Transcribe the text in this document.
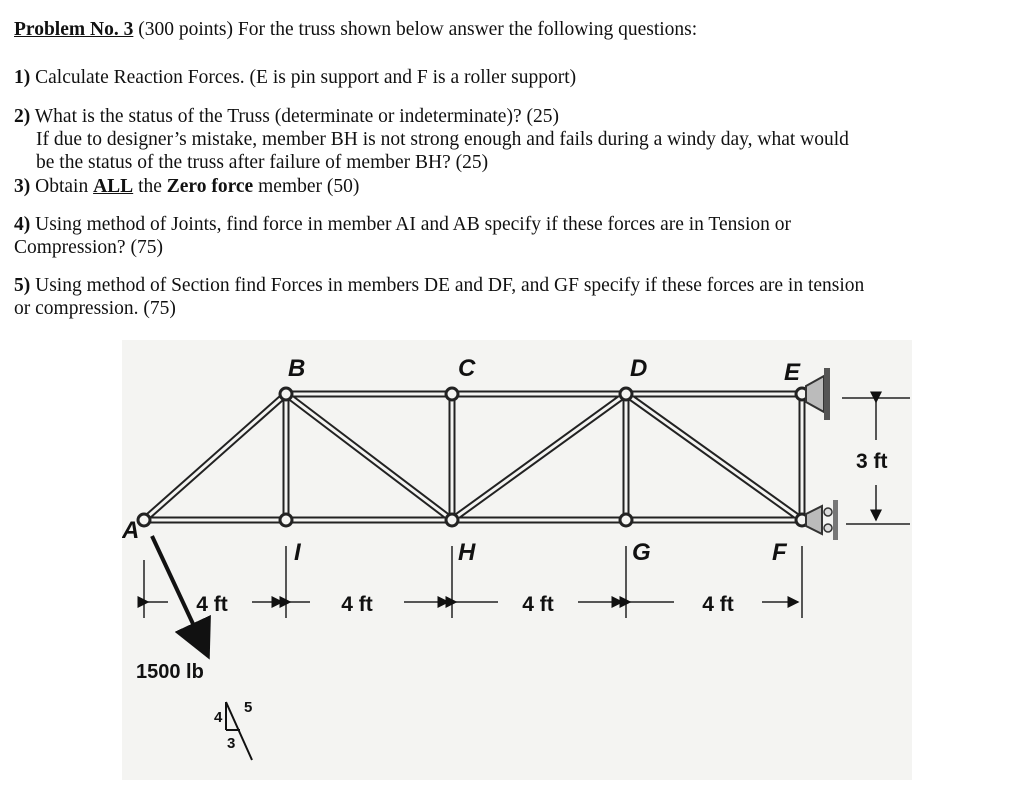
Problem No. 3 (300 points) For the truss shown below answer the following questions:
1) Calculate Reaction Forces. (E is pin support and F is a roller support)
2) What is the status of the Truss (determinate or indeterminate)? (25)
If due to designer’s mistake, member BH is not strong enough and fails during a windy day, what would
be the status of the truss after failure of member BH? (25)
3) Obtain ALL the Zero force member (50)
4) Using method of Joints, find force in member AI and AB specify if these forces are in Tension or
Compression? (75)
5) Using method of Section find Forces in members DE and DF, and GF specify if these forces are in tension
or compression. (75)
3 ft
4 ft	4 ft	4 ft	4 ft
1500 lb
4
3
5
A
B	C	D	E
I	H	G	F
